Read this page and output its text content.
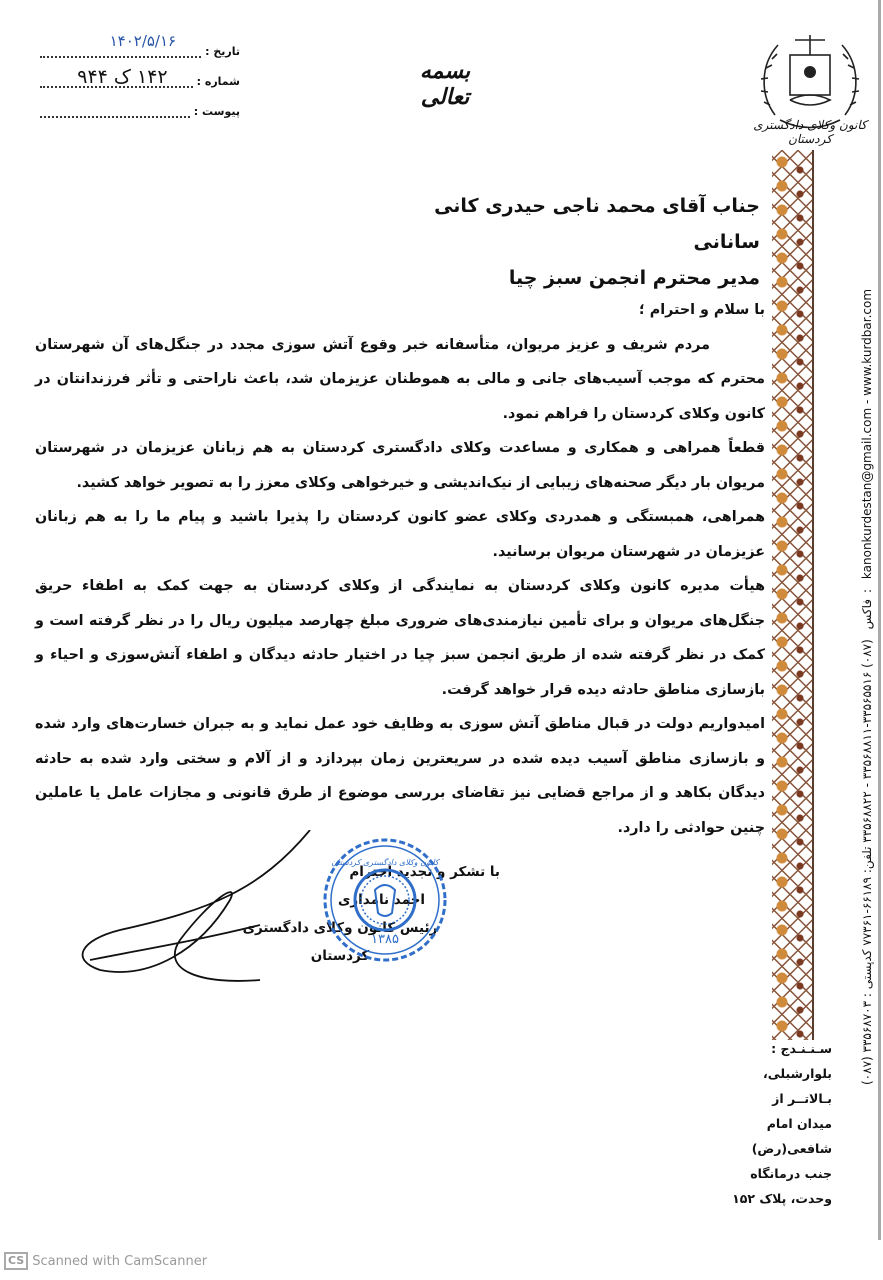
تاریخ :
۱۴۰۲/۵/۱۶
شماره :
۱۴۲ ک ۹۴۴
پیوست :
بسمه تعالی
کانون وکلای دادگستری کردستان
(۰۸۷) ۳۳۵۶۸۷۰۳ : فاکس (۰۸۷) ۳۳۵۶۵۵۱۶-۳۳۵۶۸۸۱۱ - ۳۳۵۶۸۸۲۲ تلفن: ۶۶۱۸۹-۷۷۳۶۱ کدپستی: kanonkurdestan@gmail.com - www.kurdbar.com
جناب آقای محمد ناجی حیدری کانی سانانی
مدیر محترم انجمن سبز چیا

با سلام و احترام ؛

مردم شریف و عزیز مریوان، متأسفانه خبر وقوع آتش سوزی مجدد در جنگل‌های آن شهرستان محترم که موجب آسیب‌های جانی و مالی به هموطنان عزیزمان شد، باعث ناراحتی و تأثر فرزندانتان در کانون وکلای کردستان را فراهم نمود.

قطعاً همراهی و همکاری و مساعدت وکلای دادگستری کردستان به هم زبانان عزیزمان در شهرستان مریوان بار دیگر صحنه‌های زیبایی از نیک‌اندیشی و خیرخواهی وکلای معزز را به تصویر خواهد کشید.

همراهی، همبستگی و همدردی وکلای عضو کانون کردستان را پذیرا باشید و پیام ما را به هم زبانان عزیزمان در شهرستان مریوان برسانید.

هیأت مدیره کانون وکلای کردستان به نمایندگی از وکلای کردستان به جهت کمک به اطفاء حریق جنگل‌های مریوان و برای تأمین نیازمندی‌های ضروری مبلغ چهارصد میلیون ریال را در نظر گرفته است و کمک در نظر گرفته شده از طریق انجمن سبز چیا در اختیار حادثه دیدگان و اطفاء آتش‌سوزی و احیاء و بازسازی مناطق حادثه دیده قرار خواهد گرفت.

امیدواریم دولت در قبال مناطق آتش سوزی به وظایف خود عمل نماید و به جبران خسارت‌های وارد شده و بازسازی مناطق آسیب دیده شده در سریعترین زمان بپردازد و از آلام و سختی وارد شده به حادثه دیدگان بکاهد و از مراجع قضایی نیز تقاضای بررسی موضوع از طرق قانونی و مجازات عامل یا عاملین چنین حوادثی را دارد.

با تشکر و تجدید احترام
احمد نامداری
رئیس کانون وکلای دادگستری کردستان
۱۳۸۵
کانون وکلای دادگستری کردستان
سـنـنـدج :
بلوارشبلی،
بـالاتــر از
میدان امام
شافعی(رض)
جنب درمانگاه
وحدت، پلاک ۱۵۲
CS Scanned with CamScanner
